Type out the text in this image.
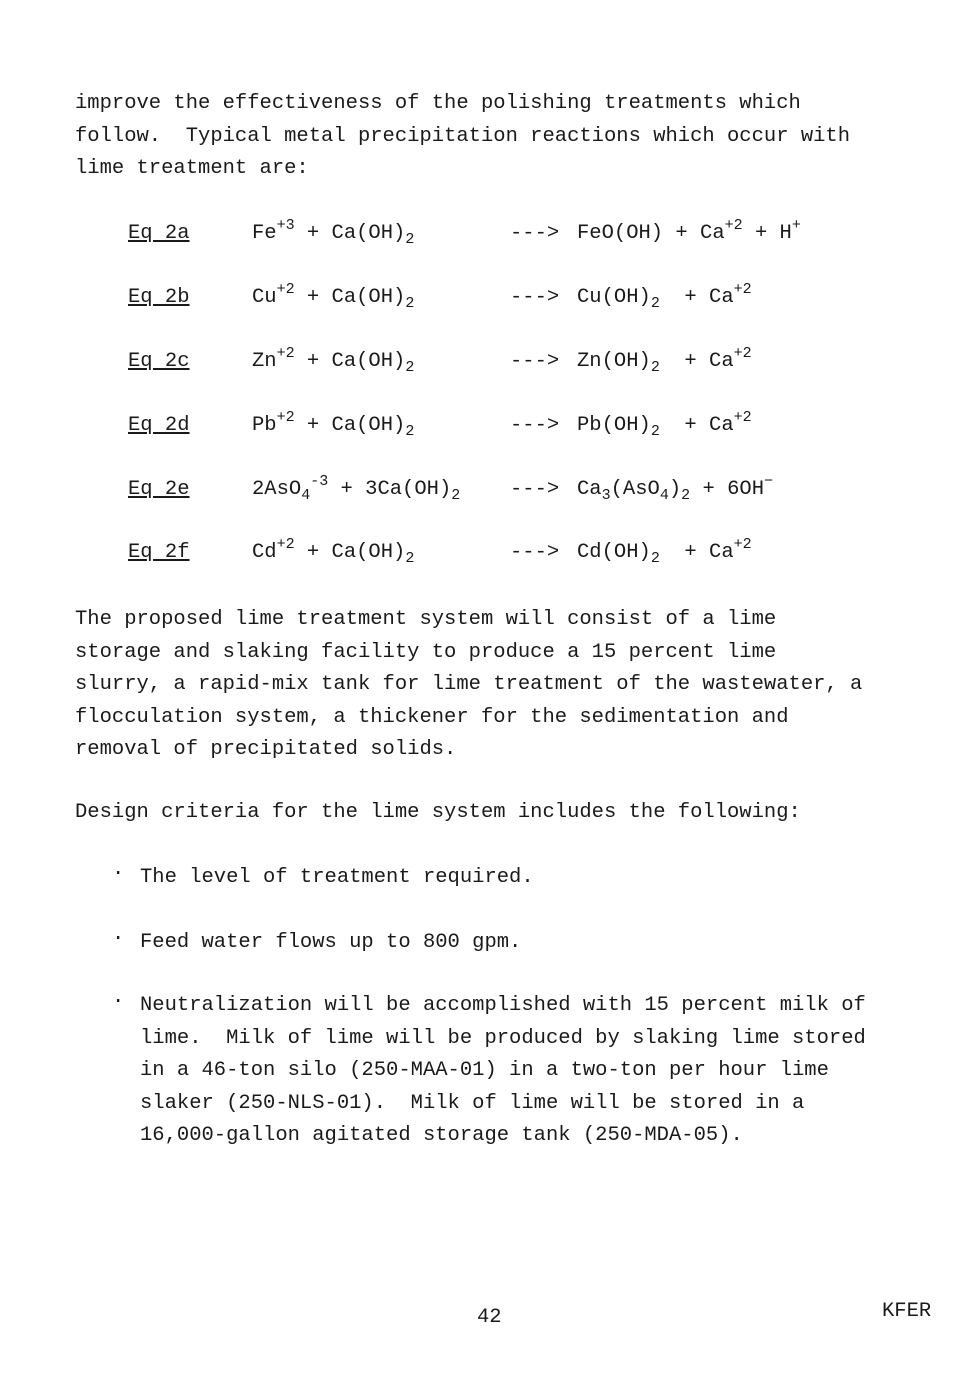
improve the effectiveness of the polishing treatments which
follow.  Typical metal precipitation reactions which occur with
lime treatment are:

Eq 2a	$Fe^{+3} + Ca(OH)_2$	---> $FeO(OH) + Ca^{+2} + H^+$
Eq 2b	$Cu^{+2} + Ca(OH)_2$	---> $Cu(OH)_2 + Ca^{+2}$
Eq 2c	$Zn^{+2} + Ca(OH)_2$	---> $Zn(OH)_2 + Ca^{+2}$
Eq 2d	$Pb^{+2} + Ca(OH)_2$	---> $Pb(OH)_2 + Ca^{+2}$
Eq 2e	$2AsO_4^{-3} + 3Ca(OH)_2$ ---> $Ca_3(AsO_4)_2 + 6OH^-$
Eq 2f	$Cd^{+2} + Ca(OH)_2$	---> $Cd(OH)_2 + Ca^{+2}$

The proposed lime treatment system will consist of a lime
storage and slaking facility to produce a 15 percent lime
slurry, a rapid-mix tank for lime treatment of the wastewater, a
flocculation system, a thickener for the sedimentation and
removal of precipitated solids.

Design criteria for the lime system includes the following:

· The level of treatment required.

· Feed water flows up to 800 gpm.

· Neutralization will be accomplished with 15 percent milk of
lime.  Milk of lime will be produced by slaking lime stored
in a 46-ton silo (250-MAA-01) in a two-ton per hour lime
slaker (250-NLS-01).  Milk of lime will be stored in a
16,000-gallon agitated storage tank (250-MDA-05).

42	KFER
